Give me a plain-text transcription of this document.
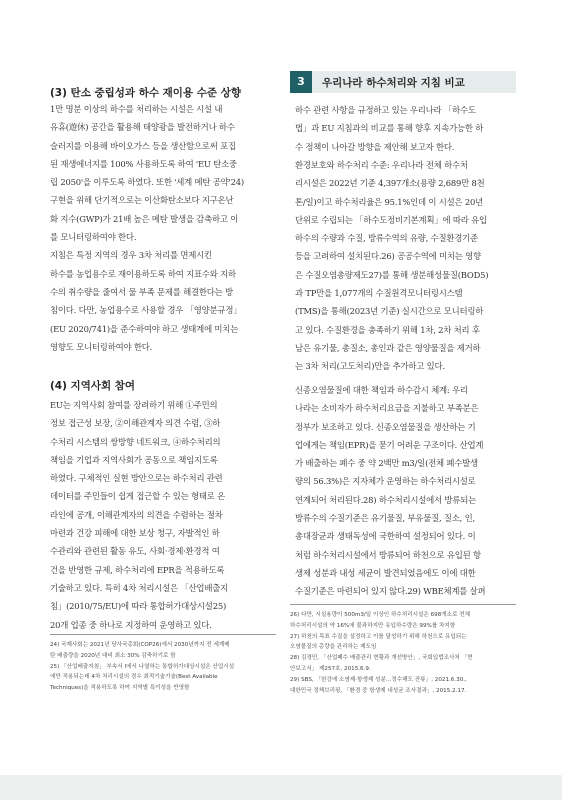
(3) 탄소 중립성과 하수 재이용 수준 상향
1만 명분 이상의 하수를 처리하는 시설은 시설 내
유휴(遊休) 공간을 활용해 태양광을 발전하거나 하수
슬러지를 이용해 바이오가스 등을 생산함으로써 포집
된 재생에너지를 100% 사용하도록 하여 'EU 탄소중
립 2050'을 이루도록 하였다. 또한 '세계 메탄 공약'24)
구현을 위해 단기적으로는 이산화탄소보다 지구온난
화 지수(GWP)가 21배 높은 메탄 발생을 감축하고 이
를 모니터링하여야 한다.
지침은 특정 지역의 경우 3차 처리를 면제시킨
하수를 농업용수로 재이용하도록 하여 지표수와 지하
수의 취수량을 줄여서 물 부족 문제를 해결한다는 방
침이다. 다만, 농업용수로 사용할 경우 「영양분규정」
(EU 2020/741)을 준수하여야 하고 생태계에 미치는
영향도 모니터링하여야 한다.
(4) 지역사회 참여
EU는 지역사회 참여를 장려하기 위해 ①주민의
정보 접근성 보장, ②이해관계자 의견 수렴, ③하
수처리 시스템의 쌍방향 네트워크, ④하수처리의
책임을 기업과 지역사회가 공동으로 책임지도록
하였다. 구체적인 실현 방안으로는 하수처리 관련
데이터를 주민들이 쉽게 접근할 수 있는 형태로 온
라인에 공개, 이해관계자의 의견을 수렴하는 절차
마련과 건강 피해에 대한 보상 청구, 자발적인 하
수관리와 관련된 활동 유도, 사회·경제·환경적 여
건을 반영한 규제, 하수처리에 EPR을 적용하도록
기술하고 있다. 특히 4차 처리시설은 「산업배출지
침」(2010/75/EU)에 따라 통합허가대상시설25)
20개 업종 중 하나로 지정하여 운영하고 있다.
24) 국제사회는 2021년 당사국총회(COP26)에서 2030년까지 전 세계메
탄 배출량을 2020년 대비 최소 30% 감축하기로 함
25) 「산업배출지침」 부속서 I에서 나열하는 통합허가대상시설은 산업시설
에만 적용되는데 4차 처리시설의 경우 최적기술기술(Best Available
Techniques)을 적용하도록 하여 지역별 특이성을 반영함
3	우리나라 하수처리와 지침 비교
하수 관련 사항을 규정하고 있는 우리나라 「하수도
법」과 EU 지침과의 비교를 통해 향후 지속가능한 하
수 정책이 나아갈 방향을 제안해 보고자 한다.
환경보호와 하수처리 수준: 우리나라 전체 하수처
리시설은 2022년 기준 4,397개소(용량 2,689만 8천
톤/일)이고 하수처리율은 95.1%인데 이 시설은 20년
단위로 수립되는 「하수도정비기본계획」에 따라 유입
하수의 수량과 수질, 방류수역의 유량, 수질환경기준
등을 고려하여 설치된다.26) 공공수역에 미치는 영향
은 수질오염총량제도27)를 통해 생분해성물질(BOD5)
과 TP만을 1,077개의 수질원격모니터링시스템
(TMS)을 통해(2023년 기준) 실시간으로 모니터링하
고 있다. 수질환경을 충족하기 위해 1차, 2차 처리 후
남은 유기물, 총질소, 총인과 같은 영양물질을 제거하
는 3차 처리(고도처리)만을 추가하고 있다.
신종오염물질에 대한 책임과 하수감시 체계: 우리
나라는 소비자가 하수처리요금을 지불하고 부족분은
정부가 보조하고 있다. 신종오염물질을 생산하는 기
업에게는 책임(EPR)을 묻기 어려운 구조이다. 산업계
가 배출하는 폐수 중 약 2백만 m3/일(전체 폐수발생
량의 56.3%)은 지자체가 운영하는 하수처리시설로
연계되어 처리된다.28) 하수처리시설에서 방류되는
방류수의 수질기준은 유기물질, 부유물질, 질소, 인,
총대장균과 생태독성에 국한하여 설정되어 있다. 이
처럼 하수처리시설에서 방류되어 하천으로 유입된 항
생제 성분과 내성 세균이 발견되었음에도 이에 대한
수질기준은 마련되어 있지 않다.29) WBE체계를 살펴
26) 다만, 시설용량이 500m3/일 이상인 하수처리시설은 698개소로 전체
하수처리시설의 약 16%에 불과하지만 유입하수량은 99%를 차지함
27) 하천의 목표 수질을 설정하고 이를 달성하기 위해 하천으로 유입되는
오염물질의 총량을 관리하는 제도임
28) 김경민, 「산업폐수 배출관리 현황과 개선방안」, 국회입법조사처 「현
안보고서」 제257호, 2015.6.9.
29) SBS, 「한강에 소염제·항생제 성분…정수해도 잔류」, 2021.6.30.,
대한민국 정책브리핑, 「환경 중 항생제 내성균 조사결과」, 2015.2.17.
